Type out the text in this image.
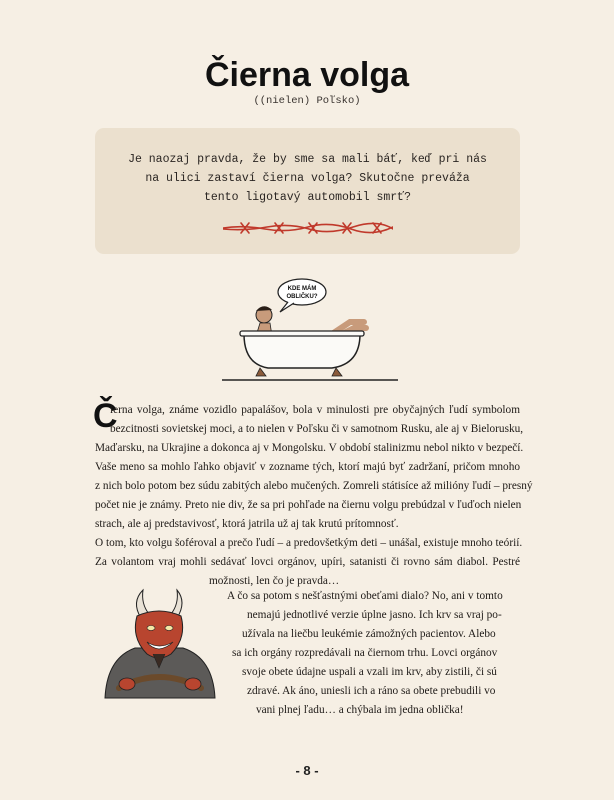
Čierna volga
((nielen) Poľsko)
Je naozaj pravda, že by sme sa mali báť, keď pri nás
na ulici zastaví čierna volga? Skutočne preváža
tento ligotavý automobil smrť?
KDE MÁM
OBLIČKU?
Č
ierna volga, známe vozidlo papalášov, bola v minulosti pre obyčajných ľudí symbolom
bezcitnosti sovietskej moci, a to nielen v Poľsku či v samotnom Rusku, ale aj v Bielorusku,
Maďarsku, na Ukrajine a dokonca aj v Mongolsku. V období stalinizmu nebol nikto v bezpečí.
Vaše meno sa mohlo ľahko objaviť v zozname tých, ktorí majú byť zadržaní, pričom mnoho
z nich bolo potom bez súdu zabitých alebo mučených. Zomreli státisíce až milióny ľudí – presný
počet nie je známy. Preto nie div, že sa pri pohľade na čiernu volgu prebúdzal v ľuďoch nielen
strach, ale aj predstavivosť, ktorá jatrila už aj tak krutú prítomnosť.
O tom, kto volgu šoféroval a prečo ľudí – a predovšetkým deti – unášal, existuje mnoho teórií.
Za volantom vraj mohli sedávať lovci orgánov, upíri, satanisti či rovno sám diabol. Pestré
možnosti, len čo je pravda…
A čo sa potom s nešťastnými obeťami dialo? No, ani v tomto
nemajú jednotlivé verzie úplne jasno. Ich krv sa vraj po-
užívala na liečbu leukémie zámožných pacientov. Alebo
sa ich orgány rozpredávali na čiernom trhu. Lovci orgánov
svoje obete údajne uspali a vzali im krv, aby zistili, či sú
zdravé. Ak áno, uniesli ich a ráno sa obete prebudili vo
vani plnej ľadu… a chýbala im jedna oblička!
- 8 -
